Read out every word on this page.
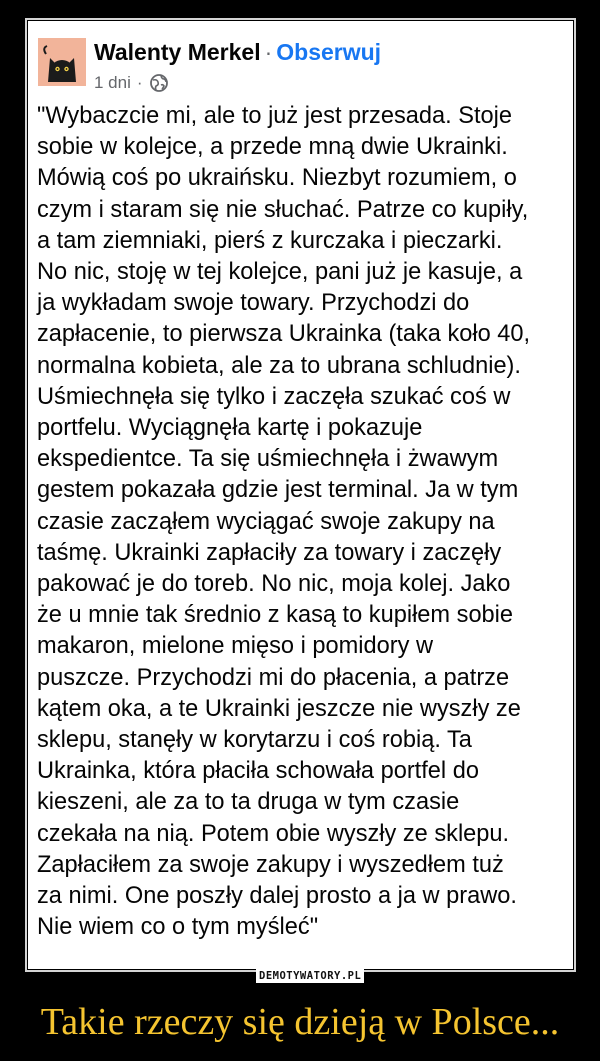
Walenty Merkel · Obserwuj
1 dni ·
"Wybaczcie mi, ale to już jest przesada. Stoje
sobie w kolejce, a przede mną dwie Ukrainki.
Mówią coś po ukraińsku. Niezbyt rozumiem, o
czym i staram się nie słuchać. Patrze co kupiły,
a tam ziemniaki, pierś z kurczaka i pieczarki.
No nic, stoję w tej kolejce, pani już je kasuje, a
ja wykładam swoje towary. Przychodzi do
zapłacenie, to pierwsza Ukrainka (taka koło 40,
normalna kobieta, ale za to ubrana schludnie).
Uśmiechnęła się tylko i zaczęła szukać coś w
portfelu. Wyciągnęła kartę i pokazuje
ekspedientce. Ta się uśmiechnęła i żwawym
gestem pokazała gdzie jest terminal. Ja w tym
czasie zacząłem wyciągać swoje zakupy na
taśmę. Ukrainki zapłaciły za towary i zaczęły
pakować je do toreb. No nic, moja kolej. Jako
że u mnie tak średnio z kasą to kupiłem sobie
makaron, mielone mięso i pomidory w
puszcze. Przychodzi mi do płacenia, a patrze
kątem oka, a te Ukrainki jeszcze nie wyszły ze
sklepu, stanęły w korytarzu i coś robią. Ta
Ukrainka, która płaciła schowała portfel do
kieszeni, ale za to ta druga w tym czasie
czekała na nią. Potem obie wyszły ze sklepu.
Zapłaciłem za swoje zakupy i wyszedłem tuż
za nimi. One poszły dalej prosto a ja w prawo.
Nie wiem co o tym myśleć"
DEMOTYWATORY.PL
Takie rzeczy się dzieją w Polsce...
